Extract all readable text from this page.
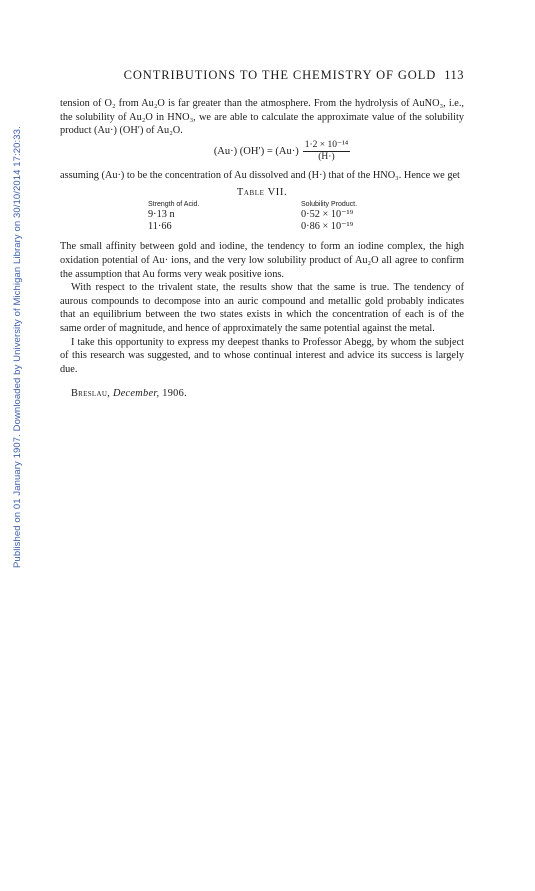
Published on 01 January 1907. Downloaded by University of Michigan Library on 30/10/2014 17:20:33.
CONTRIBUTIONS TO THE CHEMISTRY OF GOLD 113

tension of O₂ from Au₂O is far greater than the atmosphere. From the hydrolysis of AuNO₃, i.e., the solubility of Au₂O in HNO₃, we are able to calculate the approximate value of the solubility product (Au·) (OH′) of Au₂O.

(Au·) $(OH') = (Au\cdot) \frac{\text{1·2 × 10⁻¹⁴}}{(H\cdot)}$

assuming (Au·) to be the concentration of Au dissolved and (H·) that of the HNO₃. Hence we get

Table VII.
Strength of Acid.	Solubility Product.
9·13 n	0·52 × 10⁻¹⁹
11·66	0·86 × 10⁻¹⁹

The small affinity between gold and iodine, the tendency to form an iodine complex, the high oxidation potential of Au· ions, and the very low solubility product of Au₂O all agree to confirm the assumption that Au forms very weak positive ions.

With respect to the trivalent state, the results show that the same is true. The tendency of aurous compounds to decompose into an auric compound and metallic gold probably indicates that an equilibrium between the two states exists in which the concentration of each is of the same order of magnitude, and hence of approximately the same potential against the metal.

I take this opportunity to express my deepest thanks to Professor Abegg, by whom the subject of this research was suggested, and to whose continual interest and advice its success is largely due.

Breslau, December, 1906.
